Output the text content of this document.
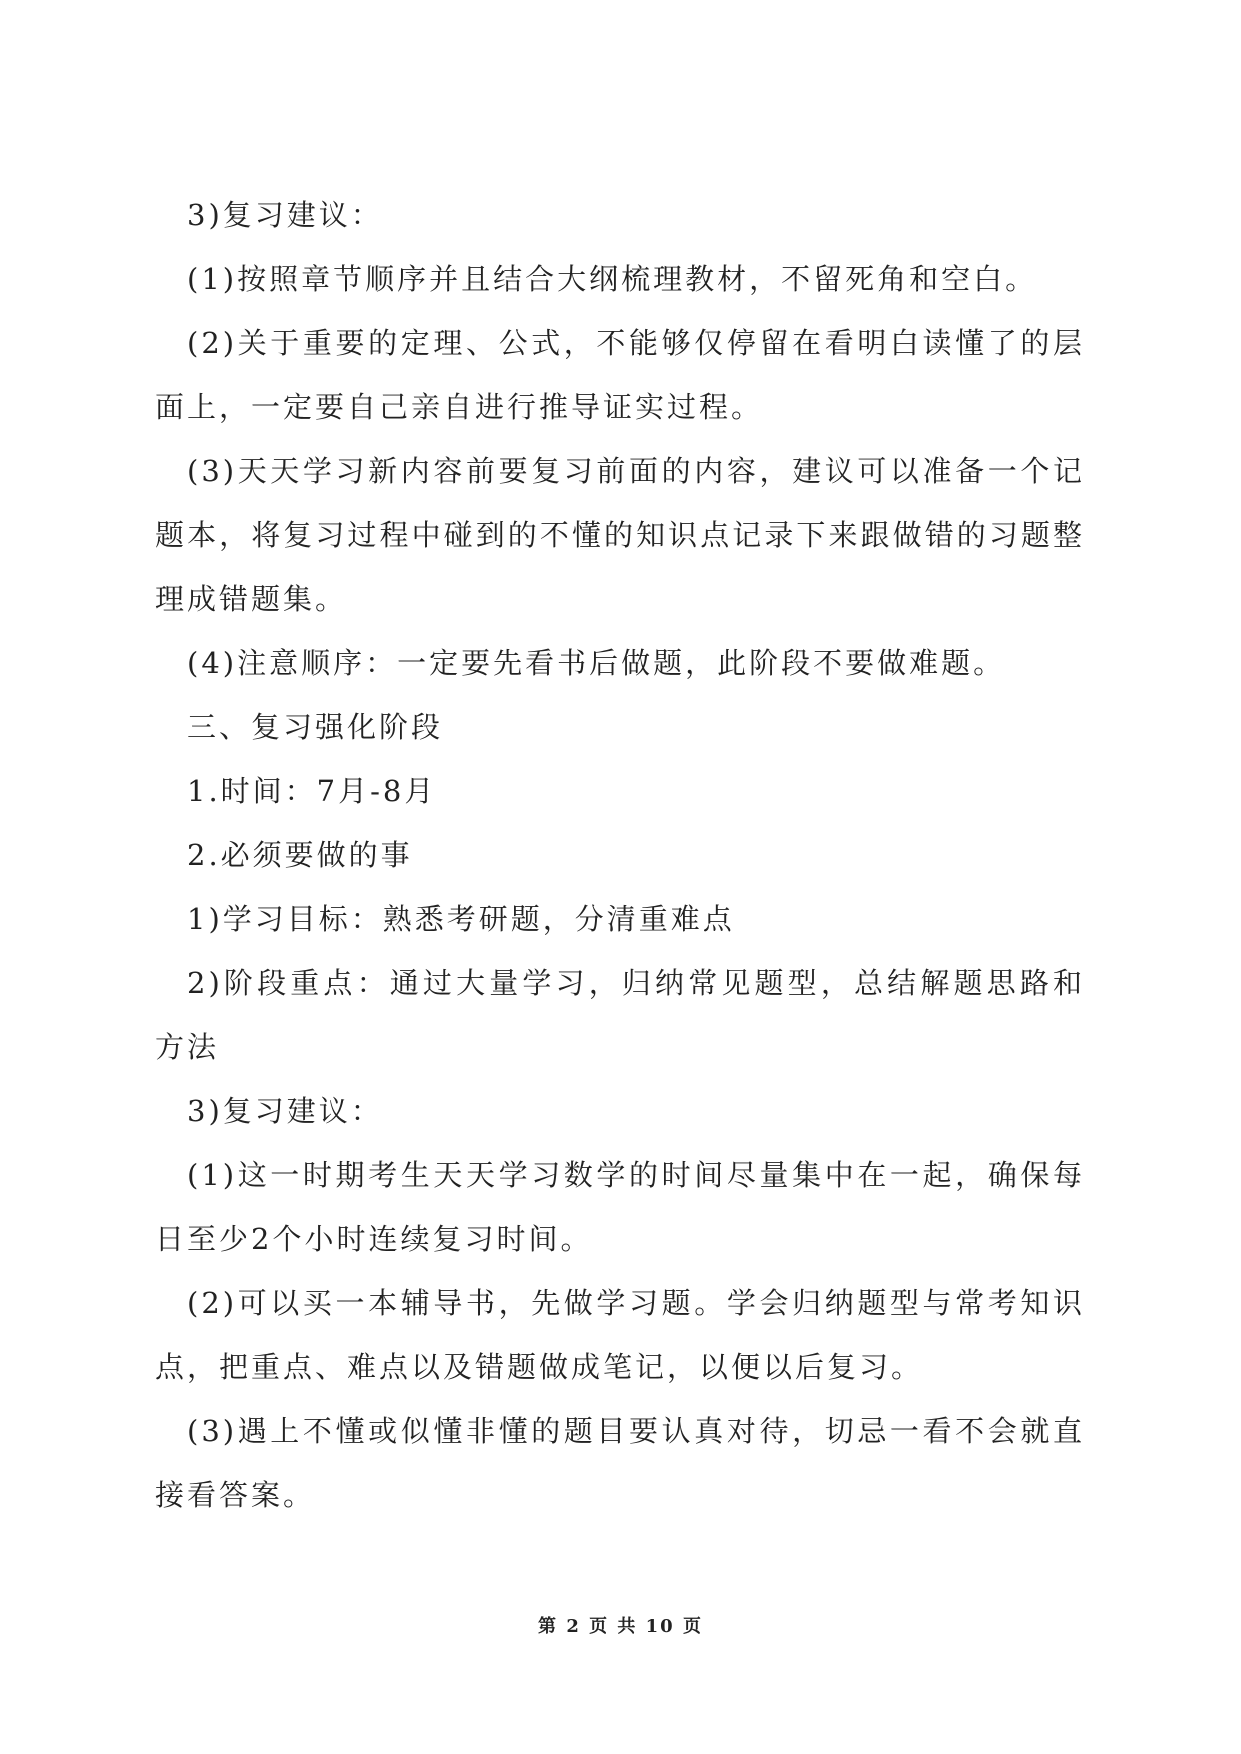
3)复习建议：

(1)按照章节顺序并且结合大纲梳理教材，不留死角和空白。

(2)关于重要的定理、公式，不能够仅停留在看明白读懂了的层面上，一定要自己亲自进行推导证实过程。

(3)天天学习新内容前要复习前面的内容，建议可以准备一个记题本，将复习过程中碰到的不懂的知识点记录下来跟做错的习题整理成错题集。

(4)注意顺序：一定要先看书后做题，此阶段不要做难题。

三、复习强化阶段

1.时间：7月-8月

2.必须要做的事

1)学习目标：熟悉考研题，分清重难点

2)阶段重点：通过大量学习，归纳常见题型，总结解题思路和方法

3)复习建议：

(1)这一时期考生天天学习数学的时间尽量集中在一起，确保每日至少2个小时连续复习时间。

(2)可以买一本辅导书，先做学习题。学会归纳题型与常考知识点，把重点、难点以及错题做成笔记，以便以后复习。

(3)遇上不懂或似懂非懂的题目要认真对待，切忌一看不会就直接看答案。

第 2 页 共 10 页
